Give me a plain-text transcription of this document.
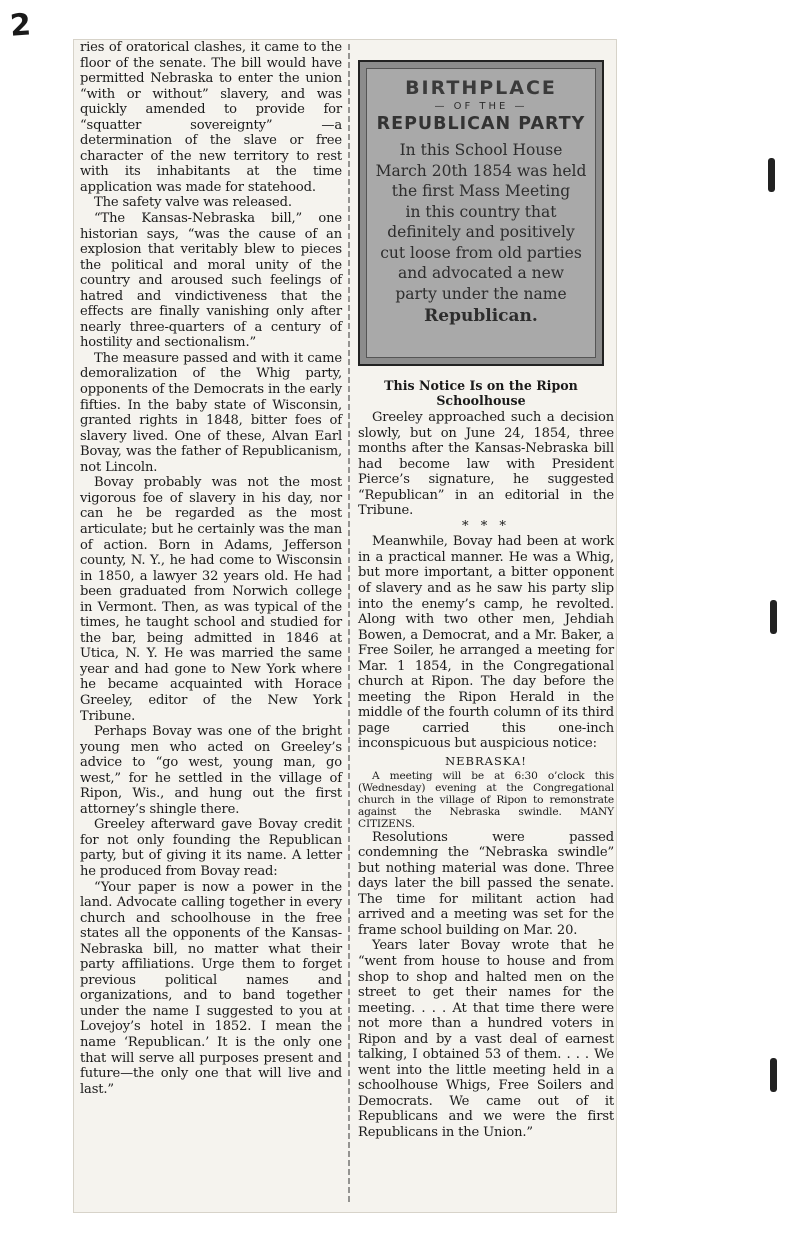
2

ries of oratorical clashes, it came to the floor of the senate. The bill would have permitted Nebraska to enter the union “with or without” slavery, and was quickly amended to provide for “squatter sovereignty” —a determination of the slave or free character of the new territory to rest with its inhabitants at the time application was made for statehood.

The safety valve was released.

“The Kansas-Nebraska bill,” one historian says, “was the cause of an explosion that veritably blew to pieces the political and moral unity of the country and aroused such feelings of hatred and vindictiveness that the effects are finally vanishing only after nearly three-quarters of a century of hostility and sectionalism.”

The measure passed and with it came demoralization of the Whig party, opponents of the Democrats in the early fifties. In the baby state of Wisconsin, granted rights in 1848, bitter foes of slavery lived. One of these, Alvan Earl Bovay, was the father of Republicanism, not Lincoln.

Bovay probably was not the most vigorous foe of slavery in his day, nor can he be regarded as the most articulate; but he certainly was the man of action. Born in Adams, Jefferson county, N. Y., he had come to Wisconsin in 1850, a lawyer 32 years old. He had been graduated from Norwich college in Vermont. Then, as was typical of the times, he taught school and studied for the bar, being admitted in 1846 at Utica, N. Y. He was married the same year and had gone to New York where he became acquainted with Horace Greeley, editor of the New York Tribune.

Perhaps Bovay was one of the bright young men who acted on Greeley’s advice to “go west, young man, go west,” for he settled in the village of Ripon, Wis., and hung out the first attorney’s shingle there.

Greeley afterward gave Bovay credit for not only founding the Republican party, but of giving it its name. A letter he produced from Bovay read:

“Your paper is now a power in the land. Advocate calling together in every church and schoolhouse in the free states all the opponents of the Kansas-Nebraska bill, no matter what their party affiliations. Urge them to forget previous political names and organizations, and to band together under the name I suggested to you at Lovejoy’s hotel in 1852. I mean the name ‘Republican.’ It is the only one that will serve all purposes present and future—the only one that will live and last.”

BIRTHPLACE
— OF THE —
REPUBLICAN PARTY
In this School House
March 20th 1854 was held
the first Mass Meeting
in this country that
definitely and positively
cut loose from old parties
and advocated a new
party under the name
Republican.
This Notice Is on the Ripon Schoolhouse

Greeley approached such a decision slowly, but on June 24, 1854, three months after the Kansas-Nebraska bill had become law with President Pierce’s signature, he suggested “Republican” in an editorial in the Tribune.

* * *

Meanwhile, Bovay had been at work in a practical manner. He was a Whig, but more important, a bitter opponent of slavery and as he saw his party slip into the enemy’s camp, he revolted. Along with two other men, Jehdiah Bowen, a Democrat, and a Mr. Baker, a Free Soiler, he arranged a meeting for Mar. 1 1854, in the Congregational church at Ripon. The day before the meeting the Ripon Herald in the middle of the fourth column of its third page carried this one-inch inconspicuous but auspicious notice:

NEBRASKA!

A meeting will be at 6:30 o’clock this (Wednesday) evening at the Congregational church in the village of Ripon to remonstrate against the Nebraska swindle. MANY CITIZENS.

Resolutions were passed condemning the “Nebraska swindle” but nothing material was done. Three days later the bill passed the senate. The time for militant action had arrived and a meeting was set for the frame school building on Mar. 20.

Years later Bovay wrote that he “went from house to house and from shop to shop and halted men on the street to get their names for the meeting. . . . At that time there were not more than a hundred voters in Ripon and by a vast deal of earnest talking, I obtained 53 of them. . . . We went into the little meeting held in a schoolhouse Whigs, Free Soilers and Democrats. We came out of it Republicans and we were the first Republicans in the Union.”
